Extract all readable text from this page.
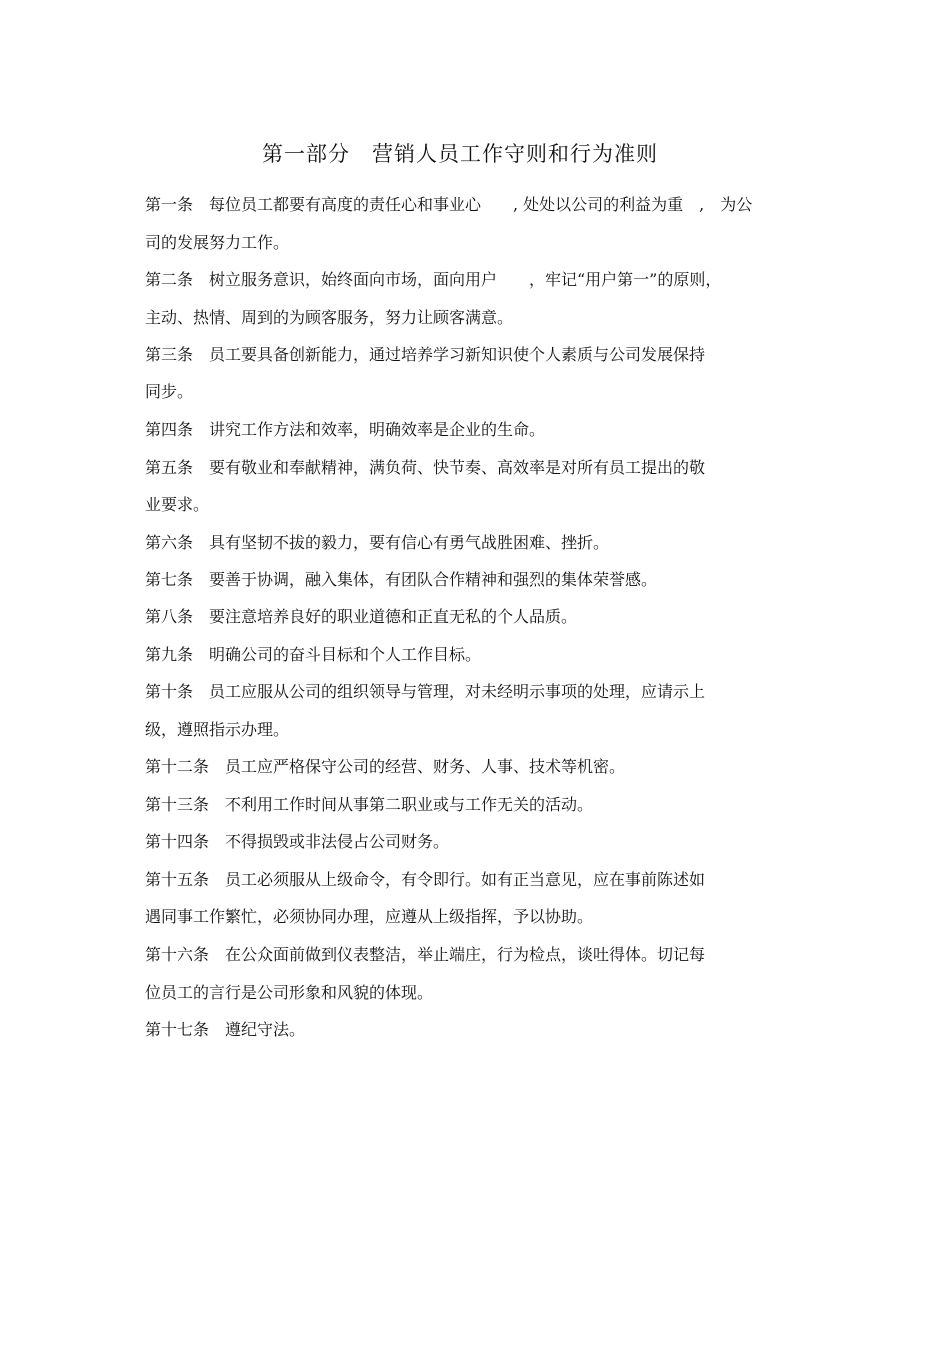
第一部分　营销人员工作守则和行为准则
第一条　每位员工都要有高度的责任心和事业心　　, 处处以公司的利益为重　,　为公
司的发展努力工作。
第二条　树立服务意识，始终面向市场，面向用户　　，牢记“用户第一”的原则，
主动、热情、周到的为顾客服务，努力让顾客满意。
第三条　员工要具备创新能力，通过培养学习新知识使个人素质与公司发展保持
同步。
第四条　讲究工作方法和效率，明确效率是企业的生命。
第五条　要有敬业和奉献精神，满负荷、快节奏、高效率是对所有员工提出的敬
业要求。
第六条　具有坚韧不拔的毅力，要有信心有勇气战胜困难、挫折。
第七条　要善于协调，融入集体，有团队合作精神和强烈的集体荣誉感。
第八条　要注意培养良好的职业道德和正直无私的个人品质。
第九条　明确公司的奋斗目标和个人工作目标。
第十条　员工应服从公司的组织领导与管理，对未经明示事项的处理，应请示上
级，遵照指示办理。
第十二条　员工应严格保守公司的经营、财务、人事、技术等机密。
第十三条　不利用工作时间从事第二职业或与工作无关的活动。
第十四条　不得损毁或非法侵占公司财务。
第十五条　员工必须服从上级命令，有令即行。如有正当意见，应在事前陈述如
遇同事工作繁忙，必须协同办理，应遵从上级指挥，予以协助。
第十六条　在公众面前做到仪表整洁，举止端庄，行为检点，谈吐得体。切记每
位员工的言行是公司形象和风貌的体现。
第十七条　遵纪守法。
